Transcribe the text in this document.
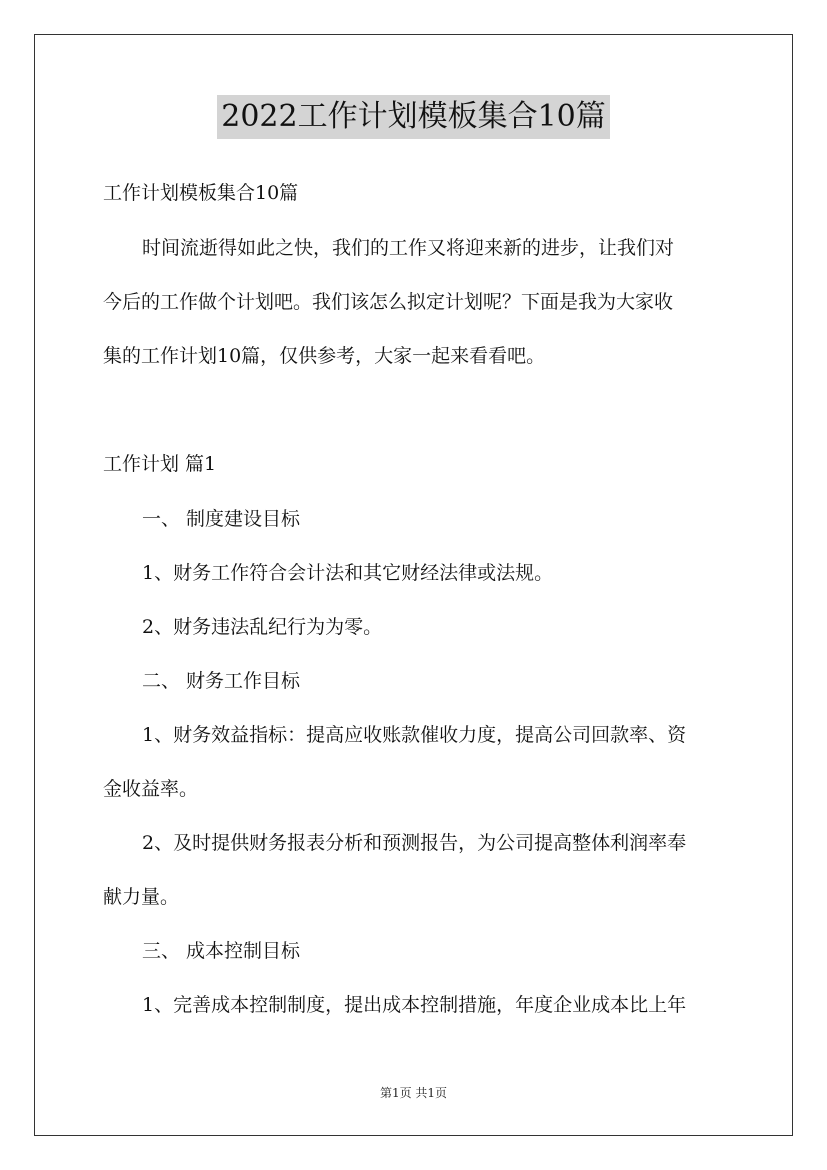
2022工作计划模板集合10篇
工作计划模板集合10篇
时间流逝得如此之快，我们的工作又将迎来新的进步，让我们对
今后的工作做个计划吧。我们该怎么拟定计划呢？下面是我为大家收
集的工作计划10篇，仅供参考，大家一起来看看吧。
工作计划 篇1
一、 制度建设目标
1、财务工作符合会计法和其它财经法律或法规。
2、财务违法乱纪行为为零。
二、 财务工作目标
1、财务效益指标：提高应收账款催收力度，提高公司回款率、资
金收益率。
2、及时提供财务报表分析和预测报告，为公司提高整体利润率奉
献力量。
三、 成本控制目标
1、完善成本控制制度，提出成本控制措施，年度企业成本比上年
第1页 共1页
